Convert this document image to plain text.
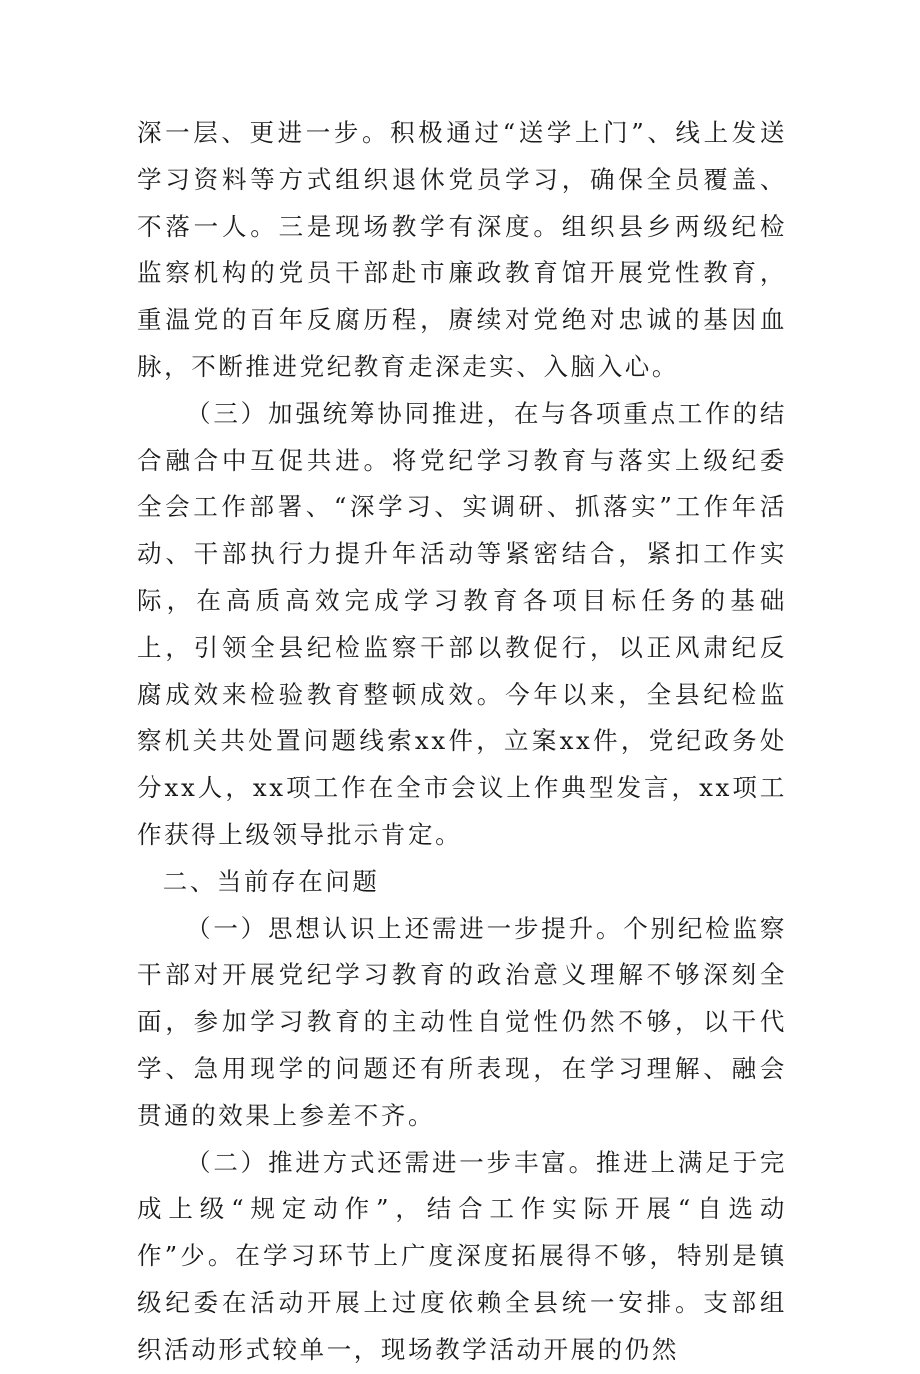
深一层、更进一步。积极通过“送学上门”、线上发送学习资料等方式组织退休党员学习，确保全员覆盖、不落一人。三是现场教学有深度。组织县乡两级纪检监察机构的党员干部赴市廉政教育馆开展党性教育，重温党的百年反腐历程，赓续对党绝对忠诚的基因血脉，不断推进党纪教育走深走实、入脑入心。

（三）加强统筹协同推进，在与各项重点工作的结合融合中互促共进。将党纪学习教育与落实上级纪委全会工作部署、“深学习、实调研、抓落实”工作年活动、干部执行力提升年活动等紧密结合，紧扣工作实际，在高质高效完成学习教育各项目标任务的基础上，引领全县纪检监察干部以教促行，以正风肃纪反腐成效来检验教育整顿成效。今年以来，全县纪检监察机关共处置问题线索xx件，立案xx件，党纪政务处分xx人，xx项工作在全市会议上作典型发言，xx项工作获得上级领导批示肯定。

二、当前存在问题

（一）思想认识上还需进一步提升。个别纪检监察干部对开展党纪学习教育的政治意义理解不够深刻全面，参加学习教育的主动性自觉性仍然不够，以干代学、急用现学的问题还有所表现，在学习理解、融会贯通的效果上参差不齐。

（二）推进方式还需进一步丰富。推进上满足于完成上级“规定动作”，结合工作实际开展“自选动作”少。在学习环节上广度深度拓展得不够，特别是镇级纪委在活动开展上过度依赖全县统一安排。支部组织活动形式较单一，现场教学活动开展的仍然
